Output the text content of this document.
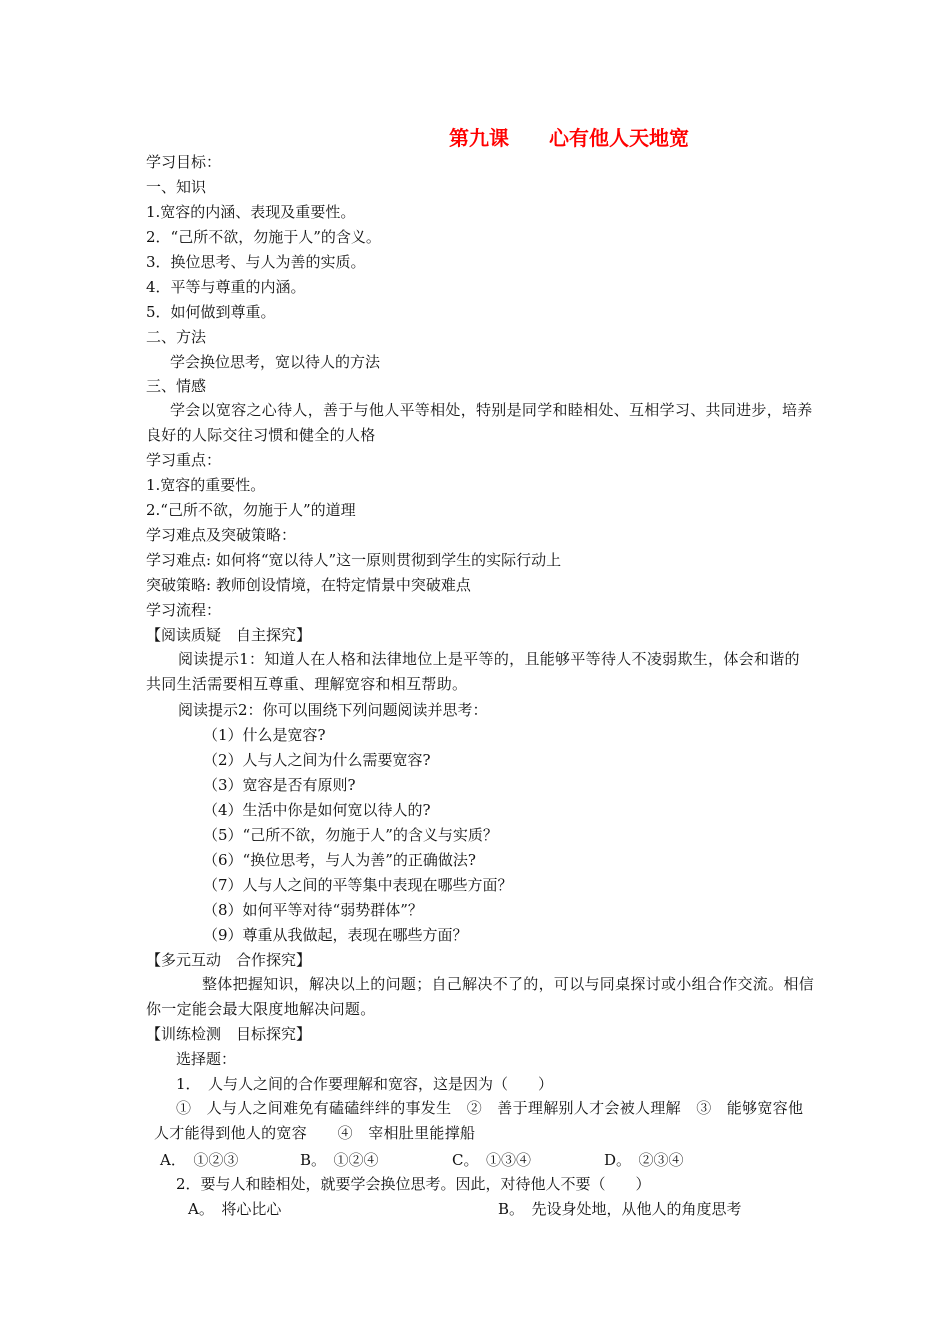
第九课　　心有他人天地宽
学习目标：
一、知识
1.宽容的内涵、表现及重要性。
2．“己所不欲，勿施于人”的含义。
3．换位思考、与人为善的实质。
4．平等与尊重的内涵。
5．如何做到尊重。
二、方法
学会换位思考，宽以待人的方法
三、情感
学会以宽容之心待人，善于与他人平等相处，特别是同学和睦相处、互相学习、共同进步，培养良好的人际交往习惯和健全的人格
学习重点：
1.宽容的重要性。
2.“己所不欲，勿施于人”的道理
学习难点及突破策略：
学习难点: 如何将“宽以待人”这一原则贯彻到学生的实际行动上
突破策略: 教师创设情境，在特定情景中突破难点
学习流程：
【阅读质疑　自主探究】
阅读提示1：知道人在人格和法律地位上是平等的，且能够平等待人不凌弱欺生，体会和谐的共同生活需要相互尊重、理解宽容和相互帮助。
阅读提示2：你可以围绕下列问题阅读并思考：
（1）什么是宽容?
（2）人与人之间为什么需要宽容?
（3）宽容是否有原则?
（4）生活中你是如何宽以待人的?
（5）“己所不欲，勿施于人”的含义与实质？
（6）“换位思考，与人为善”的正确做法?
（7）人与人之间的平等集中表现在哪些方面？
（8）如何平等对待“弱势群体”？
（9）尊重从我做起，表现在哪些方面？
【多元互动　合作探究】
整体把握知识，解决以上的问题；自己解决不了的，可以与同桌探讨或小组合作交流。相信你一定能会最大限度地解决问题。
【训练检测　目标探究】
选择题：
1．　人与人之间的合作要理解和宽容，这是因为（　　）
①　人与人之间难免有磕磕绊绊的事发生　②　善于理解别人才会被人理解　③　能够宽容他人才能得到他人的宽容　　④　宰相肚里能撑船
A．　①②③	B。　①②④	C。　①③④	D。　②③④
2．要与人和睦相处，就要学会换位思考。因此，对待他人不要（　　）
A。　将心比心	B。　先设身处地，从他人的角度思考
